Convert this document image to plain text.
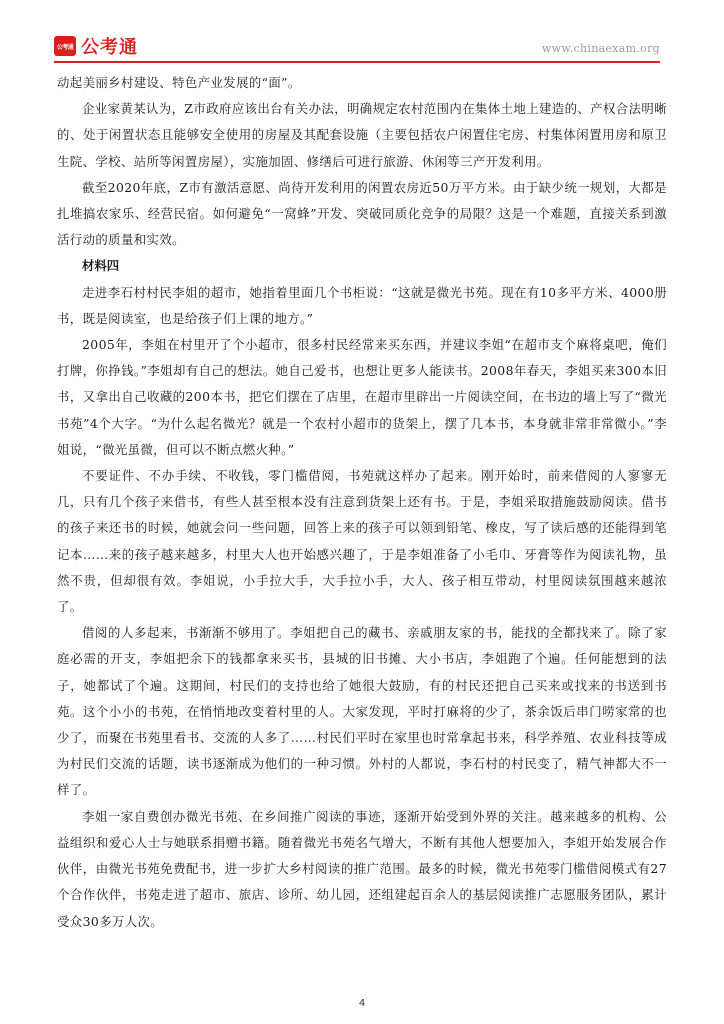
公考通 公考通	www.chinaexam.org

动起美丽乡村建设、特色产业发展的“面”。

企业家黄某认为，Z市政府应该出台有关办法，明确规定农村范围内在集体土地上建造的、产权合法明晰的、处于闲置状态且能够安全使用的房屋及其配套设施（主要包括农户闲置住宅房、村集体闲置用房和原卫生院、学校、站所等闲置房屋），实施加固、修缮后可进行旅游、休闲等三产开发利用。

截至2020年底，Z市有激活意愿、尚待开发利用的闲置农房近50万平方米。由于缺少统一规划，大都是扎堆搞农家乐、经营民宿。如何避免“一窝蜂”开发、突破同质化竞争的局限？这是一个难题，直接关系到激活行动的质量和实效。

材料四

走进李石村村民李姐的超市，她指着里面几个书柜说：“这就是微光书苑。现在有10多平方米、4000册书，既是阅读室，也是给孩子们上课的地方。”

2005年，李姐在村里开了个小超市，很多村民经常来买东西，并建议李姐“在超市支个麻将桌吧，俺们打牌，你挣钱。”李姐却有自己的想法。她自己爱书，也想让更多人能读书。2008年春天，李姐买来300本旧书，又拿出自己收藏的200本书，把它们摆在了店里，在超市里辟出一片阅读空间，在书边的墙上写了“微光书苑”4个大字。“为什么起名微光？就是一个农村小超市的货架上，摆了几本书，本身就非常非常微小。”李姐说，“微光虽微，但可以不断点燃火种。”

不要证件、不办手续、不收钱，零门槛借阅，书苑就这样办了起来。刚开始时，前来借阅的人寥寥无几，只有几个孩子来借书，有些人甚至根本没有注意到货架上还有书。于是，李姐采取措施鼓励阅读。借书的孩子来还书的时候，她就会问一些问题，回答上来的孩子可以领到铅笔、橡皮，写了读后感的还能得到笔记本……来的孩子越来越多，村里大人也开始感兴趣了，于是李姐准备了小毛巾、牙膏等作为阅读礼物，虽然不贵，但却很有效。李姐说，小手拉大手，大手拉小手，大人、孩子相互带动，村里阅读氛围越来越浓了。

借阅的人多起来，书渐渐不够用了。李姐把自己的藏书、亲戚朋友家的书，能找的全都找来了。除了家庭必需的开支，李姐把余下的钱都拿来买书，县城的旧书摊、大小书店，李姐跑了个遍。任何能想到的法子，她都试了个遍。这期间，村民们的支持也给了她很大鼓励，有的村民还把自己买来或找来的书送到书苑。这个小小的书苑，在悄悄地改变着村里的人。大家发现，平时打麻将的少了，茶余饭后串门唠家常的也少了，而聚在书苑里看书、交流的人多了……村民们平时在家里也时常拿起书来，科学养殖、农业科技等成为村民们交流的话题，读书逐渐成为他们的一种习惯。外村的人都说，李石村的村民变了，精气神都大不一样了。

李姐一家自费创办微光书苑、在乡间推广阅读的事迹，逐渐开始受到外界的关注。越来越多的机构、公益组织和爱心人士与她联系捐赠书籍。随着微光书苑名气增大，不断有其他人想要加入，李姐开始发展合作伙伴，由微光书苑免费配书，进一步扩大乡村阅读的推广范围。最多的时候，微光书苑零门槛借阅模式有27个合作伙伴，书苑走进了超市、旅店、诊所、幼儿园，还组建起百余人的基层阅读推广志愿服务团队，累计受众30多万人次。

4
